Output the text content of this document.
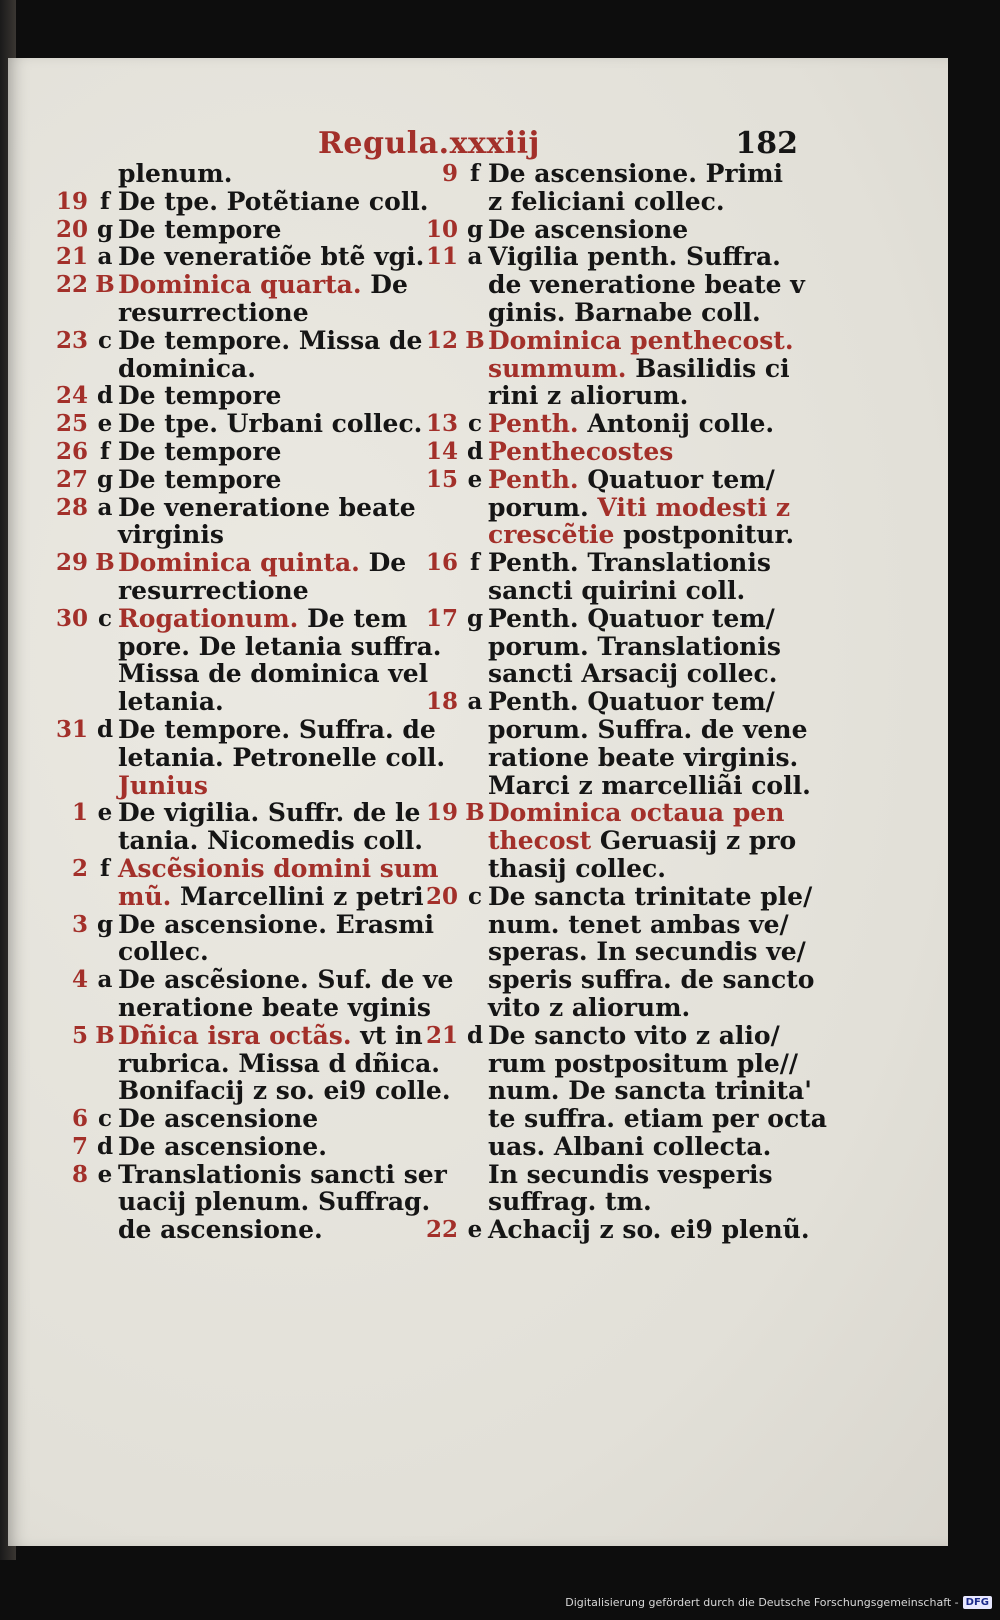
Regula.xxxiij	182
plenum.
19 f De tpe. Potẽtiane coll.
20 g De tempore
21 a De veneratiõe btẽ vgi.
22 B Dominica quarta. De
resurrectione
23 c De tempore. Missa de
dominica.
24 d De tempore
25 e De tpe. Urbani collec.
26 f De tempore
27 g De tempore
28 a De veneratione beate
virginis
29 B Dominica quinta. De
resurrectione
30 c Rogationum. De tem
pore. De letania suffra.
Missa de dominica vel
letania.
31 d De tempore. Suffra. de
letania. Petronelle coll.
Junius
1 e De vigilia. Suffr. de le
tania. Nicomedis coll.
2 f Ascẽsionis domini sum
mũ. Marcellini z petri
3 g De ascensione. Erasmi
collec.
4 a De ascẽsione. Suf. de ve
neratione beate vginis
5 B Dñica isra octãs. vt in
rubrica. Missa d dñica.
Bonifacij z so. ei9 colle.
6 c De ascensione
7 d De ascensione.
8 e Translationis sancti ser
uacij plenum. Suffrag.
de ascensione.
9 f De ascensione. Primi
z feliciani collec.
10 g De ascensione
11 a Vigilia penth. Suffra.
de veneratione beate v
ginis. Barnabe coll.
12 B Dominica penthecost.
summum. Basilidis ci
rini z aliorum.
13 c Penth. Antonij colle.
14 d Penthecostes
15 e Penth. Quatuor tem/
porum. Viti modesti z
crescẽtie postponitur.
16 f Penth. Translationis
sancti quirini coll.
17 g Penth. Quatuor tem/
porum. Translationis
sancti Arsacij collec.
18 a Penth. Quatuor tem/
porum. Suffra. de vene
ratione beate virginis.
Marci z marcelliãi coll.
19 B Dominica octaua pen
thecost Geruasij z pro
thasij collec.
20 c De sancta trinitate ple/
num. tenet ambas ve/
speras. In secundis ve/
speris suffra. de sancto
vito z aliorum.
21 d De sancto vito z alio/
rum postpositum ple//
num. De sancta trinita'
te suffra. etiam per octa
uas. Albani collecta.
In secundis vesperis
suffrag. tm.
22 e Achacij z so. ei9 plenũ.
Digitalisierung gefördert durch die Deutsche Forschungsgemeinschaft - DFG
